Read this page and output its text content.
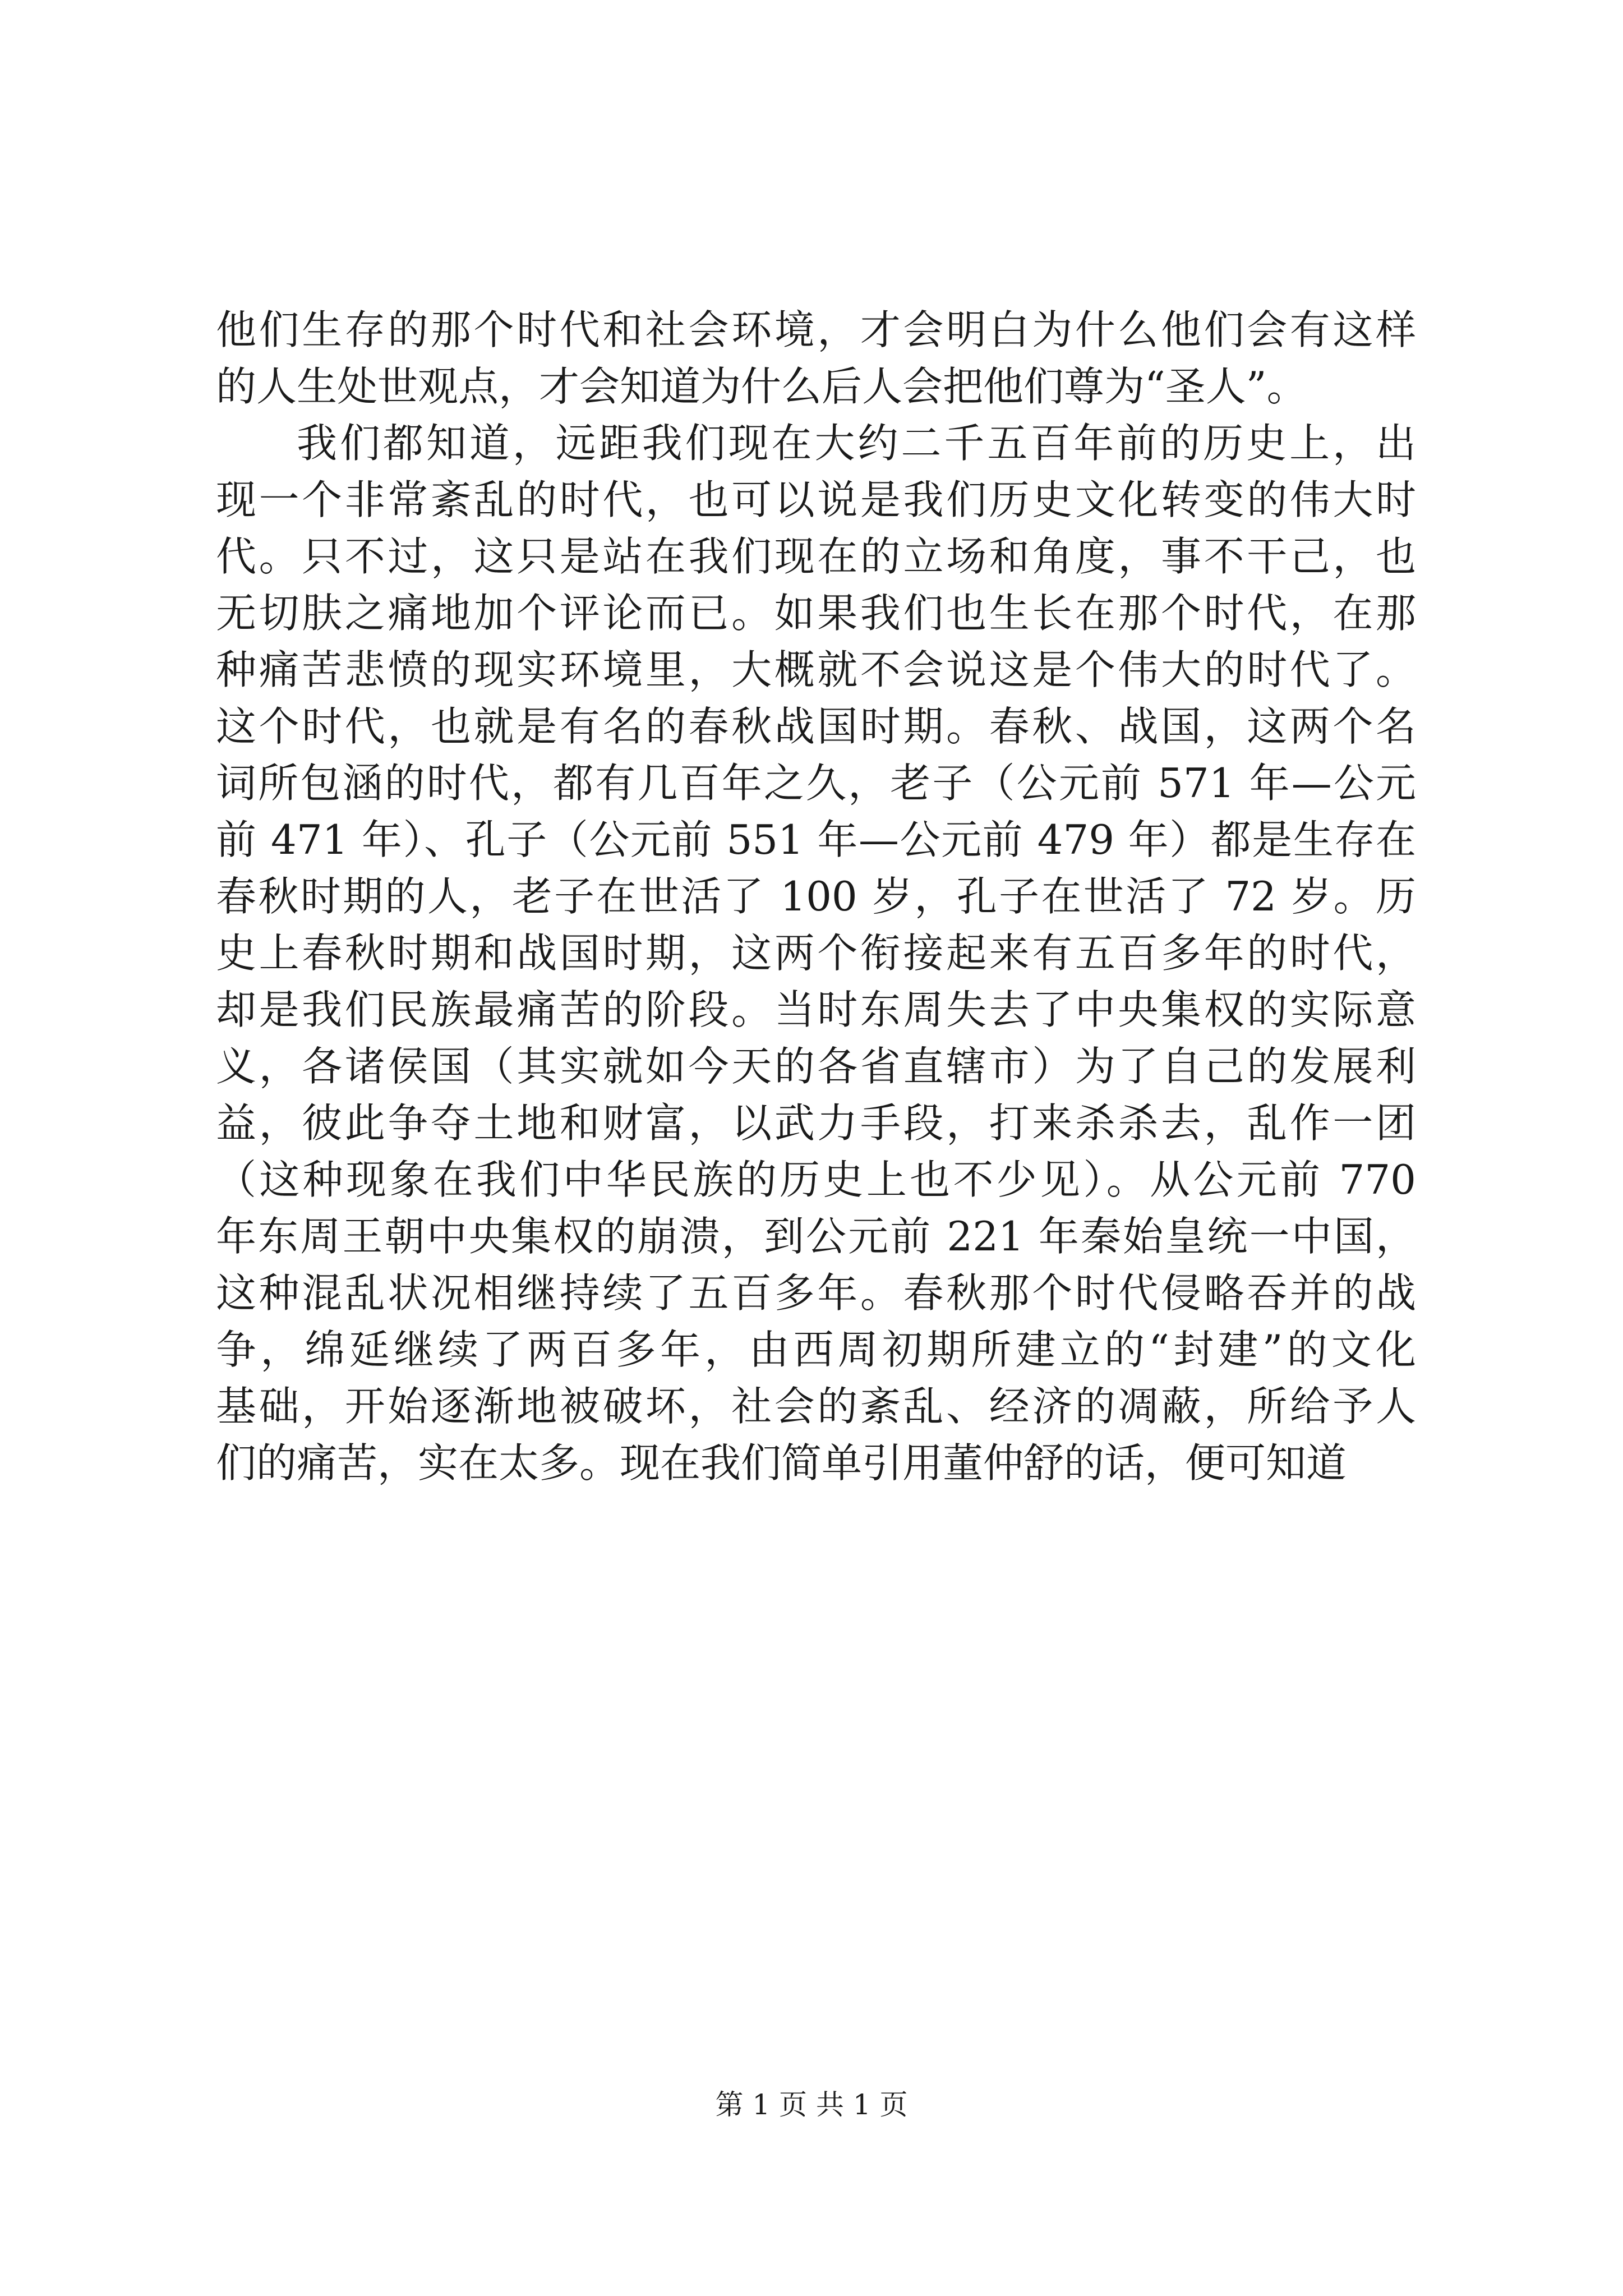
他们生存的那个时代和社会环境，才会明白为什么他们会有这样
的人生处世观点，才会知道为什么后人会把他们尊为“圣人”。
我们都知道，远距我们现在大约二千五百年前的历史上，出
现一个非常紊乱的时代，也可以说是我们历史文化转变的伟大时
代。只不过，这只是站在我们现在的立场和角度，事不干己，也
无切肤之痛地加个评论而已。如果我们也生长在那个时代，在那
种痛苦悲愤的现实环境里，大概就不会说这是个伟大的时代了。
这个时代，也就是有名的春秋战国时期。春秋、战国，这两个名
词所包涵的时代，都有几百年之久，老子（公元前 571 年—公元
前 471 年）、孔子（公元前 551 年—公元前 479 年）都是生存在
春秋时期的人，老子在世活了 100 岁，孔子在世活了 72 岁。历
史上春秋时期和战国时期，这两个衔接起来有五百多年的时代，
却是我们民族最痛苦的阶段。当时东周失去了中央集权的实际意
义，各诸侯国（其实就如今天的各省直辖市）为了自己的发展利
益，彼此争夺土地和财富，以武力手段，打来杀杀去，乱作一团
（这种现象在我们中华民族的历史上也不少见）。从公元前 770
年东周王朝中央集权的崩溃，到公元前 221 年秦始皇统一中国，
这种混乱状况相继持续了五百多年。春秋那个时代侵略吞并的战
争，绵延继续了两百多年，由西周初期所建立的“封建”的文化
基础，开始逐渐地被破坏，社会的紊乱、经济的凋蔽，所给予人
们的痛苦，实在太多。现在我们简单引用董仲舒的话，便可知道
第 1 页 共 1 页
